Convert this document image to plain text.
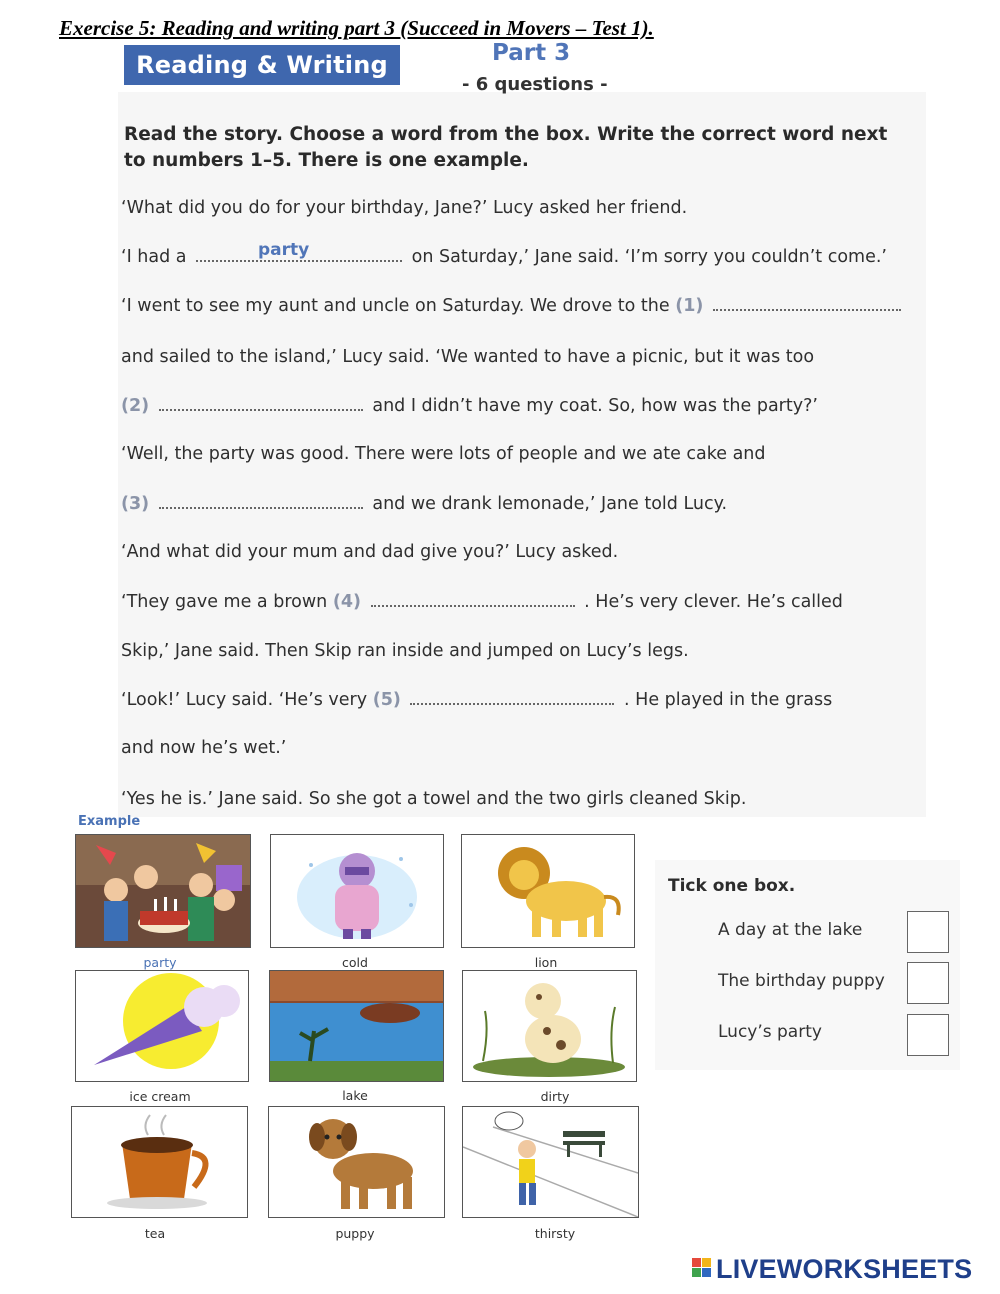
Exercise 5: Reading and writing part 3 (Succeed in Movers – Test 1).
Reading & Writing	Part 3
- 6 questions -
Read the story. Choose a word from the box. Write the correct word next to numbers 1–5. There is one example.
‘What did you do for your birthday, Jane?’ Lucy asked her friend.
‘I had a	on Saturday,’ Jane said. ‘I’m sorry you couldn’t come.’
party
‘I went to see my aunt and uncle on Saturday. We drove to the (1)
and sailed to the island,’ Lucy said. ‘We wanted to have a picnic, but it was too
(2)	and I didn’t have my coat. So, how was the party?’
‘Well, the party was good. There were lots of people and we ate cake and
(3)	and we drank lemonade,’ Jane told Lucy.
‘And what did your mum and dad give you?’ Lucy asked.
‘They gave me a brown (4)	. He’s very clever. He’s called
Skip,’ Jane said. Then Skip ran inside and jumped on Lucy’s legs.
‘Look!’ Lucy said. ‘He’s very (5)	. He played in the grass
and now he’s wet.’
‘Yes he is.’ Jane said. So she got a towel and the two girls cleaned Skip.
Example
party	cold	lion
ice cream	lake	dirty
tea	puppy	thirsty
Tick one box.
A day at the lake
The birthday puppy
Lucy’s party
LIVEWORKSHEETS
